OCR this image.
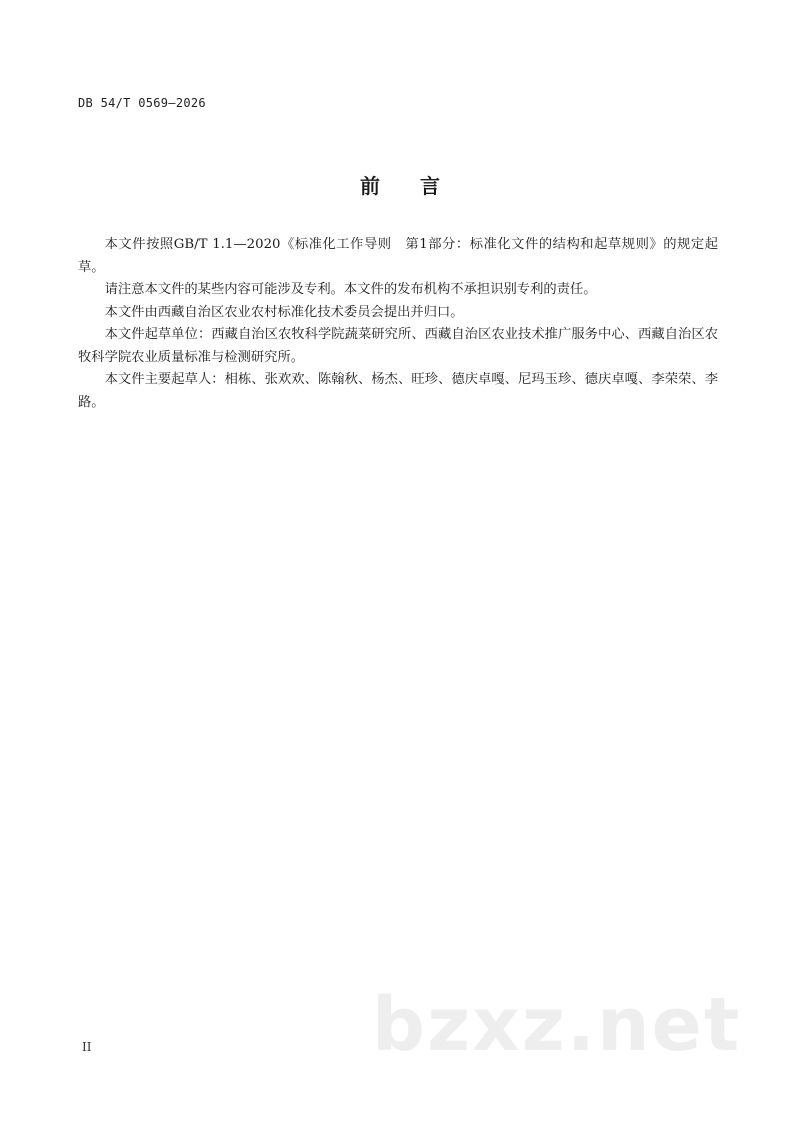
DB 54/T 0569—2026
前 言

本文件按照GB/T 1.1—2020《标准化工作导则　第1部分：标准化文件的结构和起草规则》的规定起草。

请注意本文件的某些内容可能涉及专利。本文件的发布机构不承担识别专利的责任。

本文件由西藏自治区农业农村标准化技术委员会提出并归口。

本文件起草单位：西藏自治区农牧科学院蔬菜研究所、西藏自治区农业技术推广服务中心、西藏自治区农牧科学院农业质量标准与检测研究所。

本文件主要起草人：相栋、张欢欢、陈翰秋、杨杰、旺珍、德庆卓嘎、尼玛玉珍、德庆卓嘎、李荣荣、李路。

II	bzxz.net
